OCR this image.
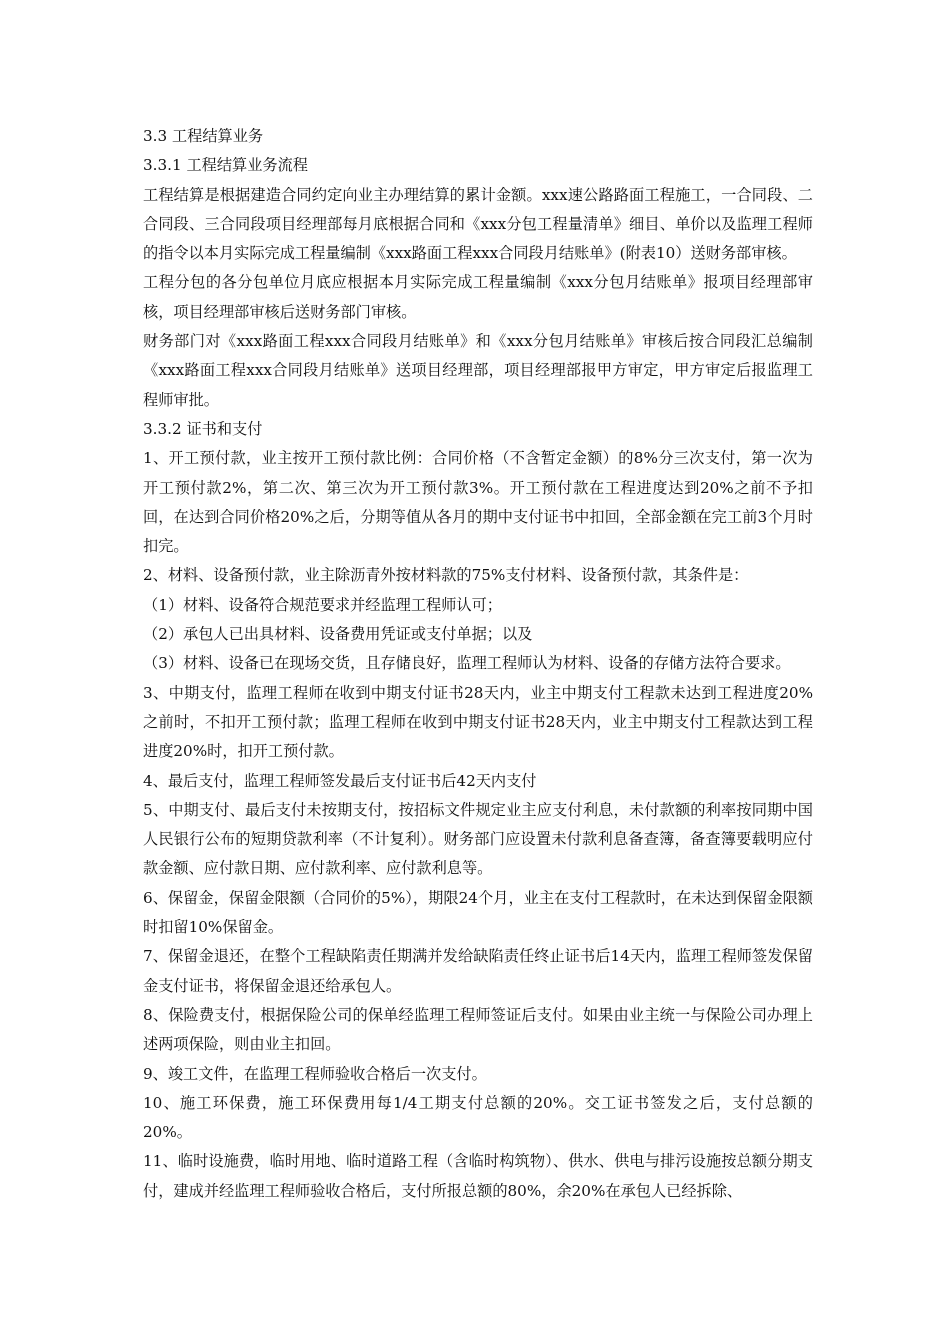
3.3 工程结算业务

3.3.1 工程结算业务流程

工程结算是根据建造合同约定向业主办理结算的累计金额。xxx速公路路面工程施工，一合同段、二合同段、三合同段项目经理部每月底根据合同和《xxx分包工程量清单》细目、单价以及监理工程师的指令以本月实际完成工程量编制《xxx路面工程xxx合同段月结账单》(附表10）送财务部审核。

工程分包的各分包单位月底应根据本月实际完成工程量编制《xxx分包月结账单》报项目经理部审核，项目经理部审核后送财务部门审核。

财务部门对《xxx路面工程xxx合同段月结账单》和《xxx分包月结账单》审核后按合同段汇总编制《xxx路面工程xxx合同段月结账单》送项目经理部，项目经理部报甲方审定，甲方审定后报监理工程师审批。

3.3.2 证书和支付

1、开工预付款，业主按开工预付款比例：合同价格（不含暂定金额）的8%分三次支付，第一次为开工预付款2%，第二次、第三次为开工预付款3%。开工预付款在工程进度达到20%之前不予扣回，在达到合同价格20%之后，分期等值从各月的期中支付证书中扣回，全部金额在完工前3个月时扣完。

2、材料、设备预付款，业主除沥青外按材料款的75%支付材料、设备预付款，其条件是：

（1）材料、设备符合规范要求并经监理工程师认可；

（2）承包人已出具材料、设备费用凭证或支付单据；以及

（3）材料、设备已在现场交货，且存储良好，监理工程师认为材料、设备的存储方法符合要求。

3、中期支付，监理工程师在收到中期支付证书28天内，业主中期支付工程款未达到工程进度20%之前时，不扣开工预付款；监理工程师在收到中期支付证书28天内，业主中期支付工程款达到工程进度20%时，扣开工预付款。

4、最后支付，监理工程师签发最后支付证书后42天内支付

5、中期支付、最后支付未按期支付，按招标文件规定业主应支付利息，未付款额的利率按同期中国人民银行公布的短期贷款利率（不计复利）。财务部门应设置未付款利息备查簿，备查簿要载明应付款金额、应付款日期、应付款利率、应付款利息等。

6、保留金，保留金限额（合同价的5%），期限24个月，业主在支付工程款时，在未达到保留金限额时扣留10%保留金。

7、保留金退还，在整个工程缺陷责任期满并发给缺陷责任终止证书后14天内，监理工程师签发保留金支付证书，将保留金退还给承包人。

8、保险费支付，根据保险公司的保单经监理工程师签证后支付。如果由业主统一与保险公司办理上述两项保险，则由业主扣回。

9、竣工文件，在监理工程师验收合格后一次支付。

10、施工环保费，施工环保费用每1/4工期支付总额的20%。交工证书签发之后，支付总额的20%。

11、临时设施费，临时用地、临时道路工程（含临时构筑物）、供水、供电与排污设施按总额分期支付，建成并经监理工程师验收合格后，支付所报总额的80%，余20%在承包人已经拆除、
